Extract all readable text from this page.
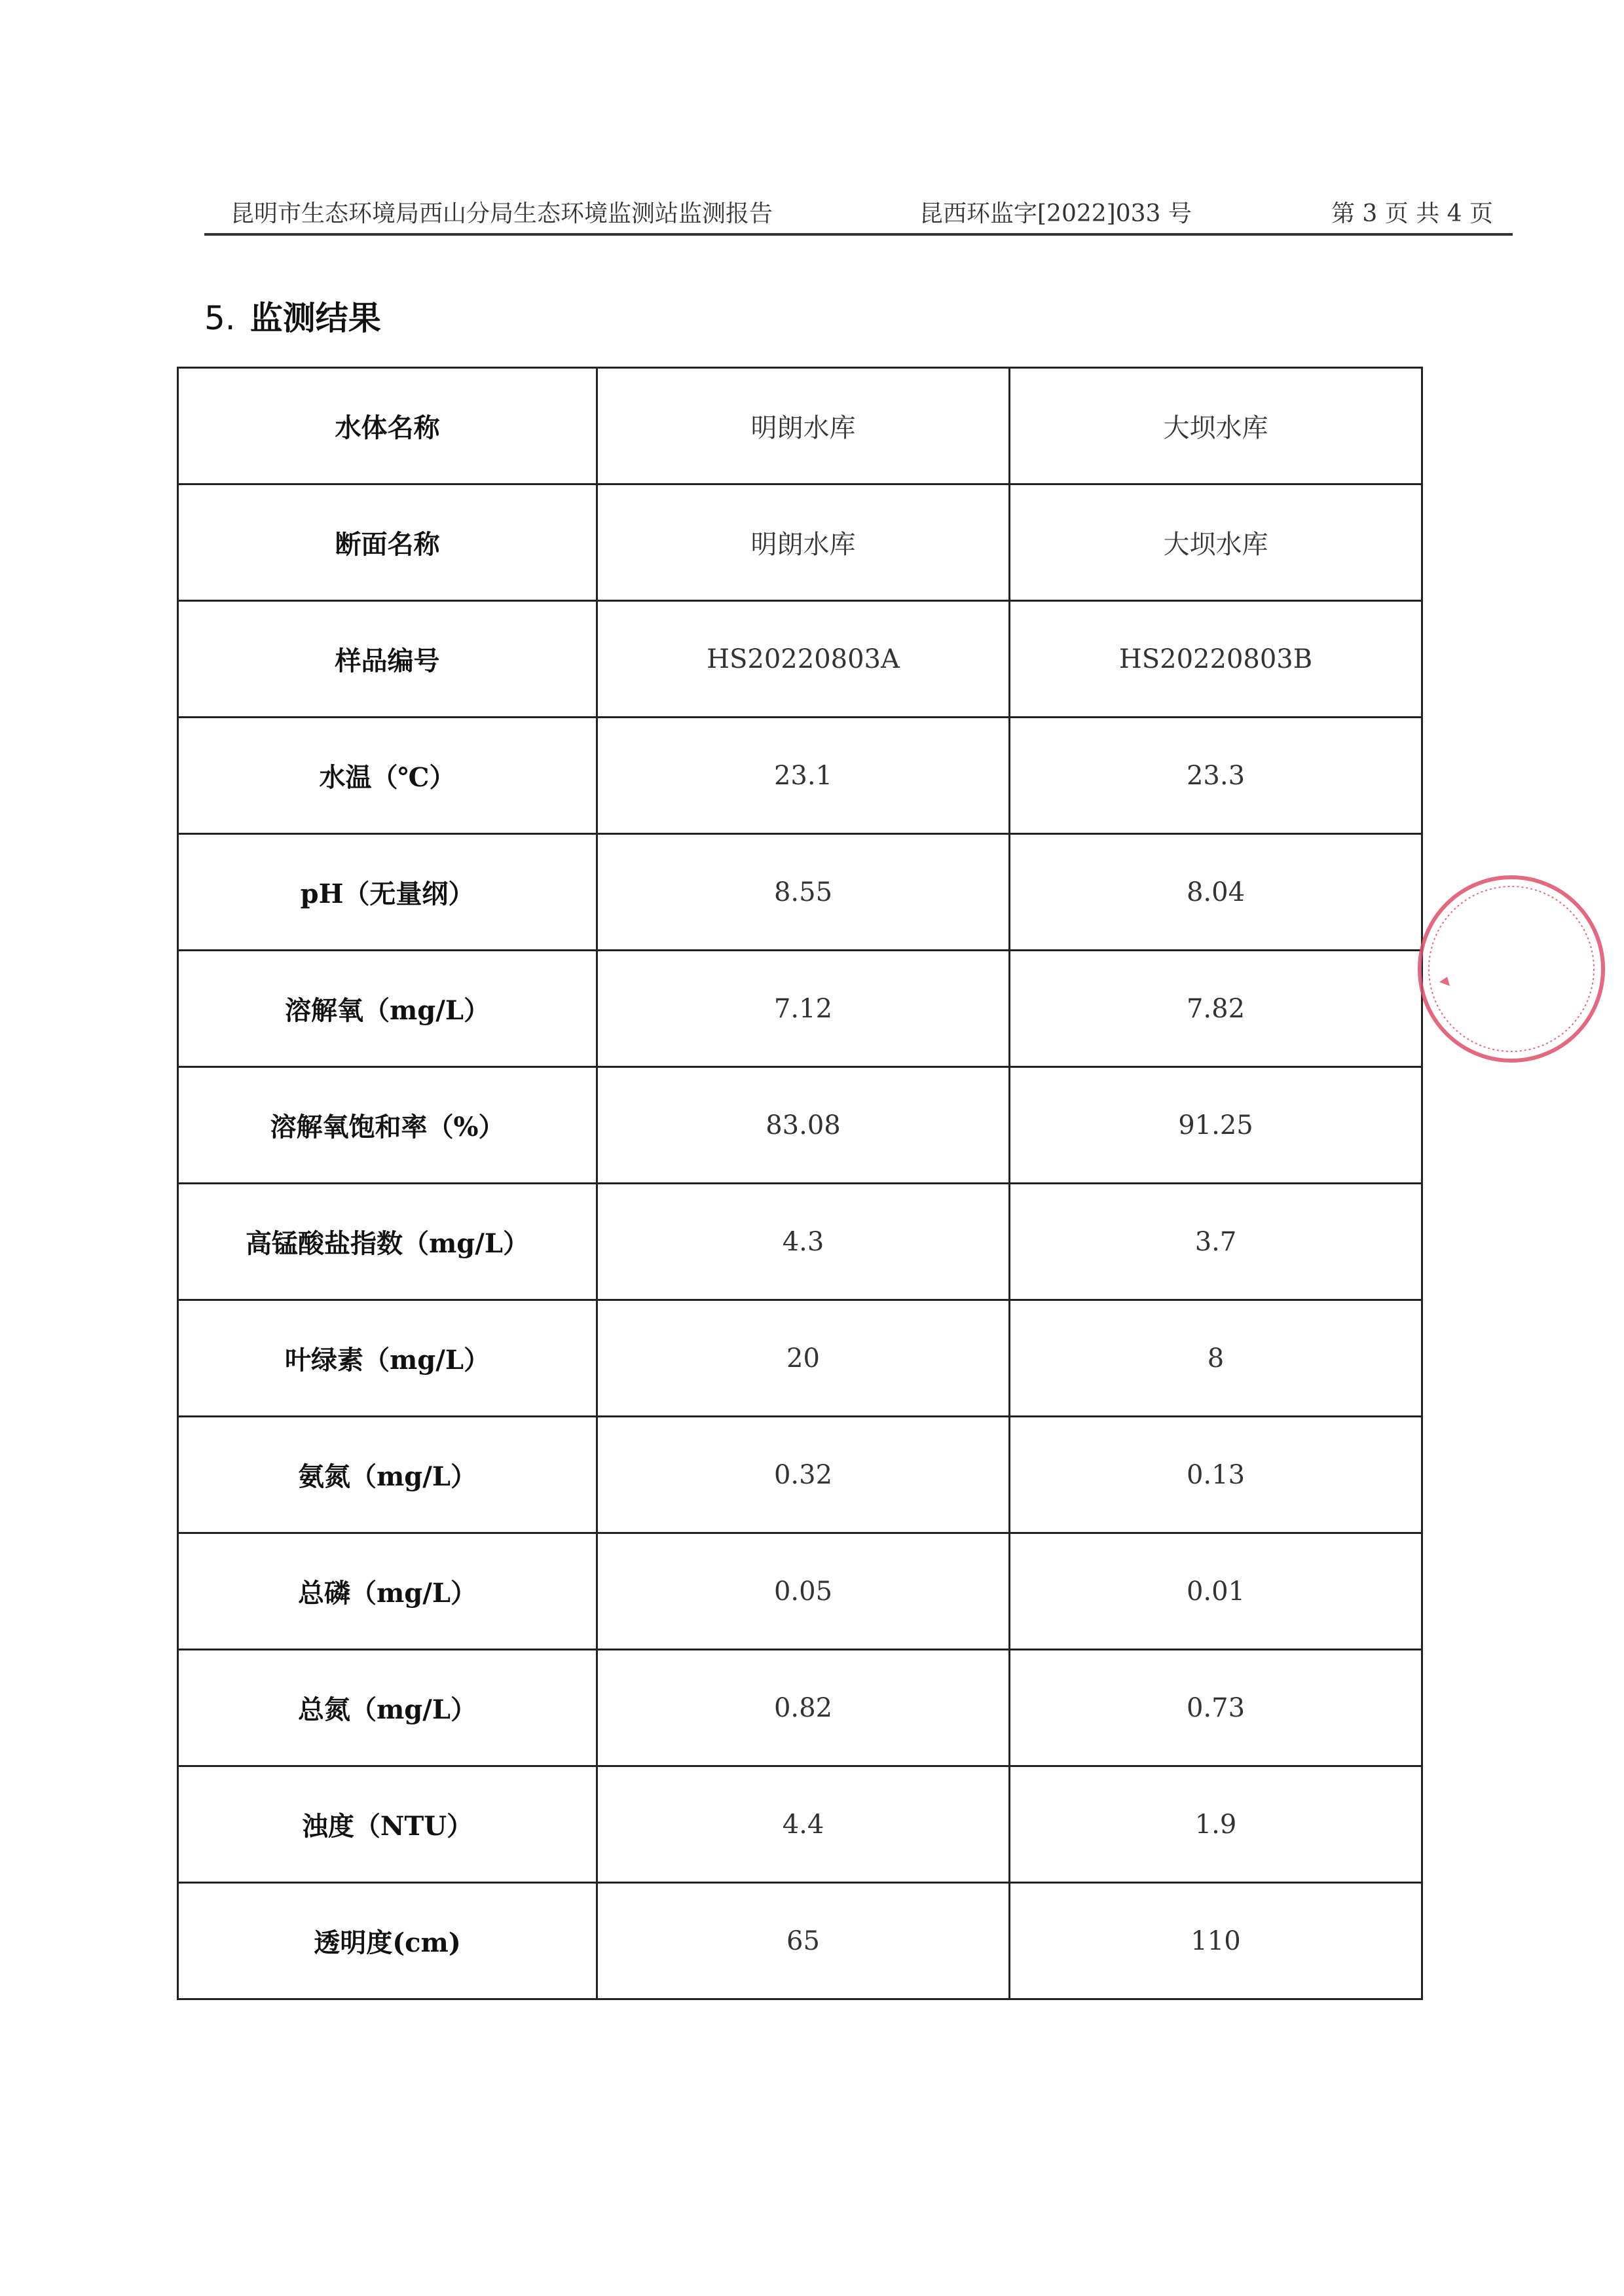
昆明市生态环境局西山分局生态环境监测站监测报告	昆西环监字[2022]033 号	第 3 页 共 4 页
5. 监测结果
水体名称	明朗水库	大坝水库
断面名称	明朗水库	大坝水库
样品编号	HS20220803A	HS20220803B
水温（℃）	23.1	23.3
pH（无量纲）	8.55	8.04
溶解氧（mg/L）	7.12	7.82
溶解氧饱和率（%）	83.08	91.25
高锰酸盐指数（mg/L）	4.3	3.7
叶绿素（mg/L）	20	8
氨氮（mg/L）	0.32	0.13
总磷（mg/L）	0.05	0.01
总氮（mg/L）	0.82	0.73
浊度（NTU）	4.4	1.9
透明度(cm)	65	110
